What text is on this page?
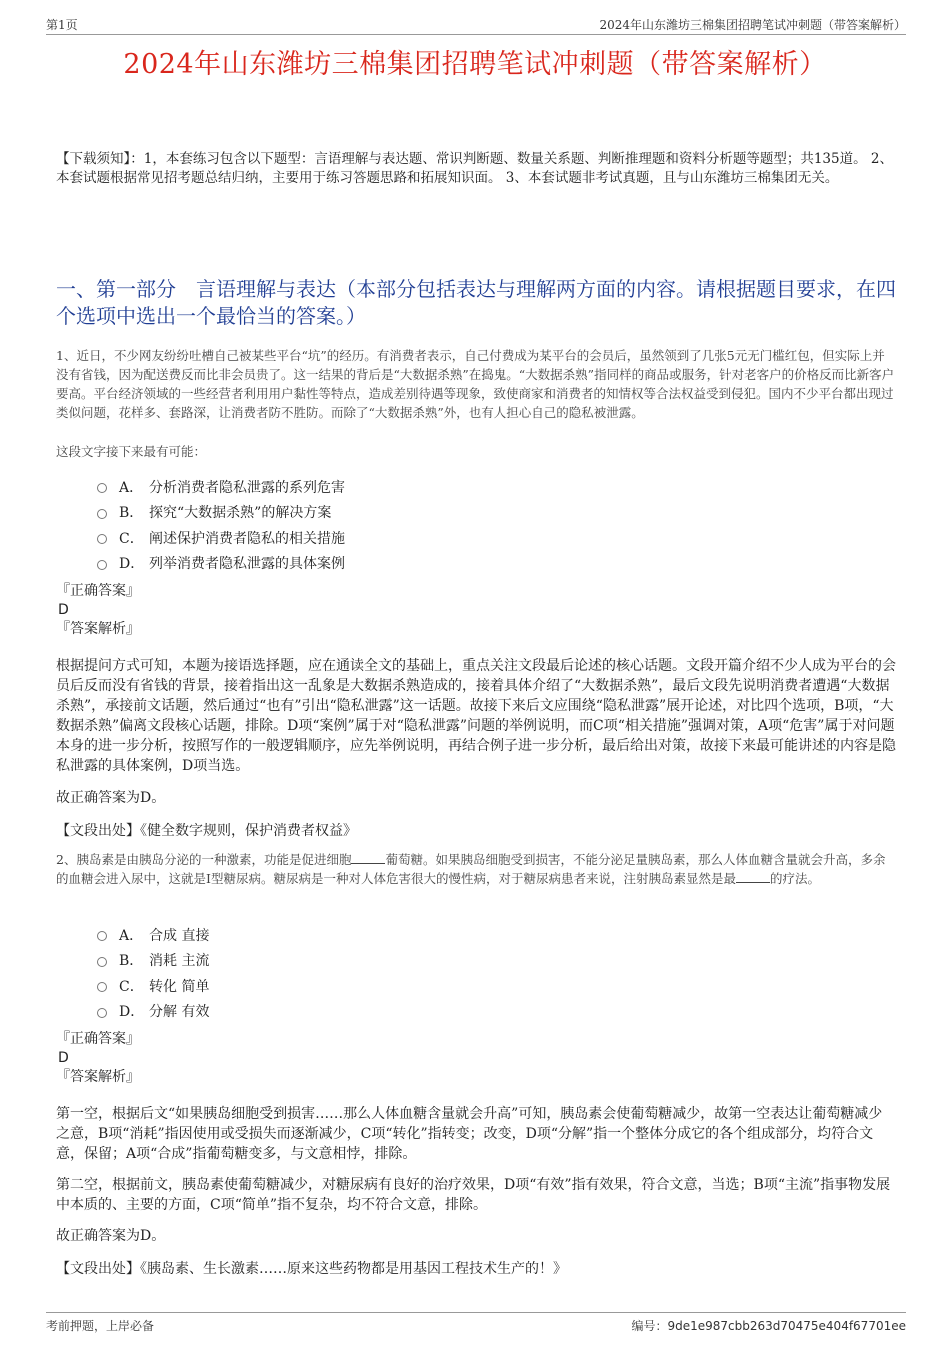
第1页	2024年山东潍坊三棉集团招聘笔试冲刺题（带答案解析）
2024年山东潍坊三棉集团招聘笔试冲刺题（带答案解析）
【下载须知】：1，本套练习包含以下题型：言语理解与表达题、常识判断题、数量关系题、判断推理题和资料分析题等题型；共135道。 2、本套试题根据常见招考题总结归纳，主要用于练习答题思路和拓展知识面。 3、本套试题非考试真题，且与山东潍坊三棉集团无关。
一、第一部分　言语理解与表达（本部分包括表达与理解两方面的内容。请根据题目要求，在四个选项中选出一个最恰当的答案。）

1、近日，不少网友纷纷吐槽自己被某些平台“坑”的经历。有消费者表示，自己付费成为某平台的会员后，虽然领到了几张5元无门槛红包，但实际上并没有省钱，因为配送费反而比非会员贵了。这一结果的背后是“大数据杀熟”在捣鬼。“大数据杀熟”指同样的商品或服务，针对老客户的价格反而比新客户要高。平台经济领域的一些经营者利用用户黏性等特点，造成差别待遇等现象，致使商家和消费者的知情权等合法权益受到侵犯。国内不少平台都出现过类似问题，花样多、套路深，让消费者防不胜防。而除了“大数据杀熟”外，也有人担心自己的隐私被泄露。

这段文字接下来最有可能：

A． 分析消费者隐私泄露的系列危害
B． 探究“大数据杀熟”的解决方案
C． 阐述保护消费者隐私的相关措施
D． 列举消费者隐私泄露的具体案例

『正确答案』

D

『答案解析』

根据提问方式可知，本题为接语选择题，应在通读全文的基础上，重点关注文段最后论述的核心话题。文段开篇介绍不少人成为平台的会员后反而没有省钱的背景，接着指出这一乱象是大数据杀熟造成的，接着具体介绍了“大数据杀熟”，最后文段先说明消费者遭遇“大数据杀熟”，承接前文话题，然后通过“也有”引出“隐私泄露”这一话题。故接下来后文应围绕“隐私泄露”展开论述，对比四个选项，B项，“大数据杀熟”偏离文段核心话题，排除。D项“案例”属于对“隐私泄露”问题的举例说明，而C项“相关措施”强调对策，A项“危害”属于对问题本身的进一步分析，按照写作的一般逻辑顺序，应先举例说明，再结合例子进一步分析，最后给出对策，故接下来最可能讲述的内容是隐私泄露的具体案例，D项当选。

故正确答案为D。

【文段出处】《健全数字规则，保护消费者权益》

2、胰岛素是由胰岛分泌的一种激素，功能是促进细胞	葡萄糖。如果胰岛细胞受到损害，不能分泌足量胰岛素，那么人体血糖含量就会升高，多余的血糖会进入尿中，这就是I型糖尿病。糖尿病是一种对人体危害很大的慢性病，对于糖尿病患者来说，注射胰岛素显然是最	的疗法。

A． 合成 直接
B． 消耗 主流
C． 转化 简单
D． 分解 有效

『正确答案』

D

『答案解析』

第一空，根据后文“如果胰岛细胞受到损害……那么人体血糖含量就会升高”可知，胰岛素会使葡萄糖减少，故第一空表达让葡萄糖减少之意，B项“消耗”指因使用或受损失而逐渐减少，C项“转化”指转变；改变，D项“分解”指一个整体分成它的各个组成部分，均符合文意，保留；A项“合成”指葡萄糖变多，与文意相悖，排除。

第二空，根据前文，胰岛素使葡萄糖减少，对糖尿病有良好的治疗效果，D项“有效”指有效果，符合文意，当选；B项“主流”指事物发展中本质的、主要的方面，C项“简单”指不复杂，均不符合文意，排除。

故正确答案为D。

【文段出处】《胰岛素、生长激素……原来这些药物都是用基因工程技术生产的！》

考前押题，上岸必备	编号：9de1e987cbb263d70475e404f67701ee
